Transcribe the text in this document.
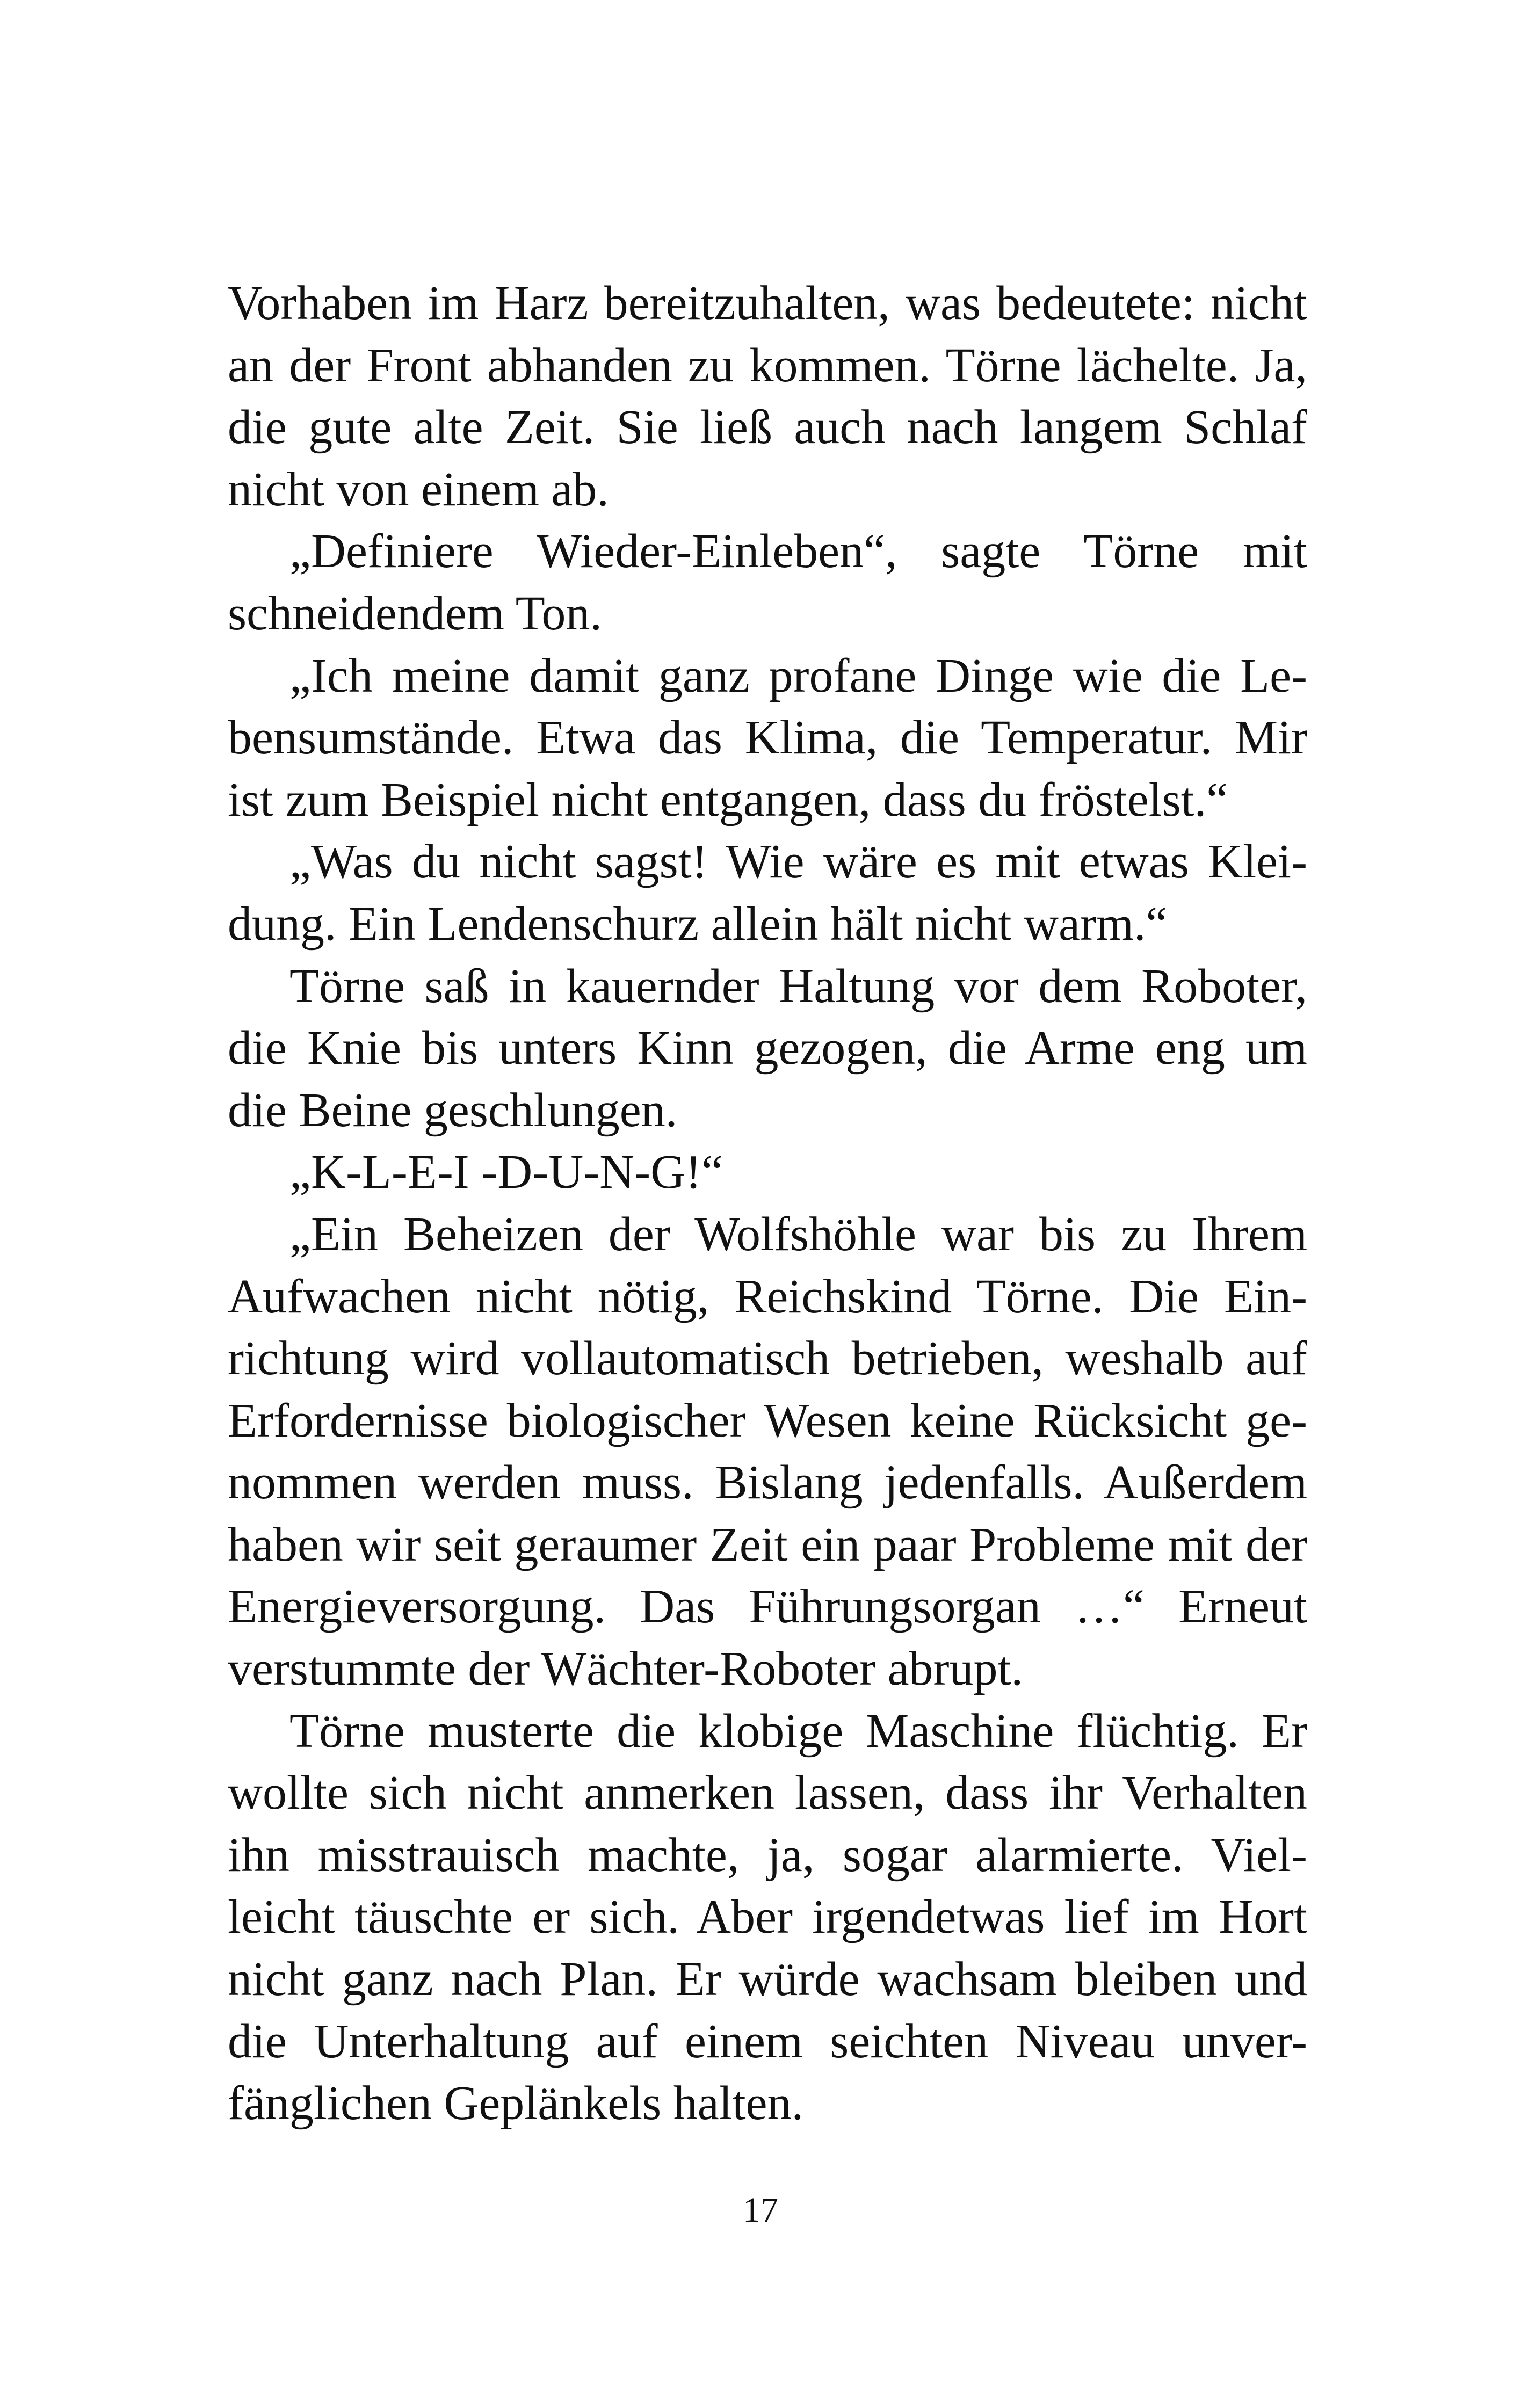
Vorhaben im Harz bereitzuhalten, was bedeutete: nicht
an der Front abhanden zu kommen. Törne lächelte. Ja,
die gute alte Zeit. Sie ließ auch nach langem Schlaf
nicht von einem ab.
„Definiere Wieder-Einleben“, sagte Törne mit
schneidendem Ton.
„Ich meine damit ganz profane Dinge wie die Le-
bensumstände. Etwa das Klima, die Temperatur. Mir
ist zum Beispiel nicht entgangen, dass du fröstelst.“
„Was du nicht sagst! Wie wäre es mit etwas Klei-
dung. Ein Lendenschurz allein hält nicht warm.“
Törne saß in kauernder Haltung vor dem Roboter,
die Knie bis unters Kinn gezogen, die Arme eng um
die Beine geschlungen.
„K-L-E-I -D-U-N-G!“
„Ein Beheizen der Wolfshöhle war bis zu Ihrem
Aufwachen nicht nötig, Reichskind Törne. Die Ein-
richtung wird vollautomatisch betrieben, weshalb auf
Erfordernisse biologischer Wesen keine Rücksicht ge-
nommen werden muss. Bislang jedenfalls. Außerdem
haben wir seit geraumer Zeit ein paar Probleme mit der
Energieversorgung. Das Führungsorgan …“ Erneut
verstummte der Wächter-Roboter abrupt.
Törne musterte die klobige Maschine flüchtig. Er
wollte sich nicht anmerken lassen, dass ihr Verhalten
ihn misstrauisch machte, ja, sogar alarmierte. Viel-
leicht täuschte er sich. Aber irgendetwas lief im Hort
nicht ganz nach Plan. Er würde wachsam bleiben und
die Unterhaltung auf einem seichten Niveau unver-
fänglichen Geplänkels halten.
17
